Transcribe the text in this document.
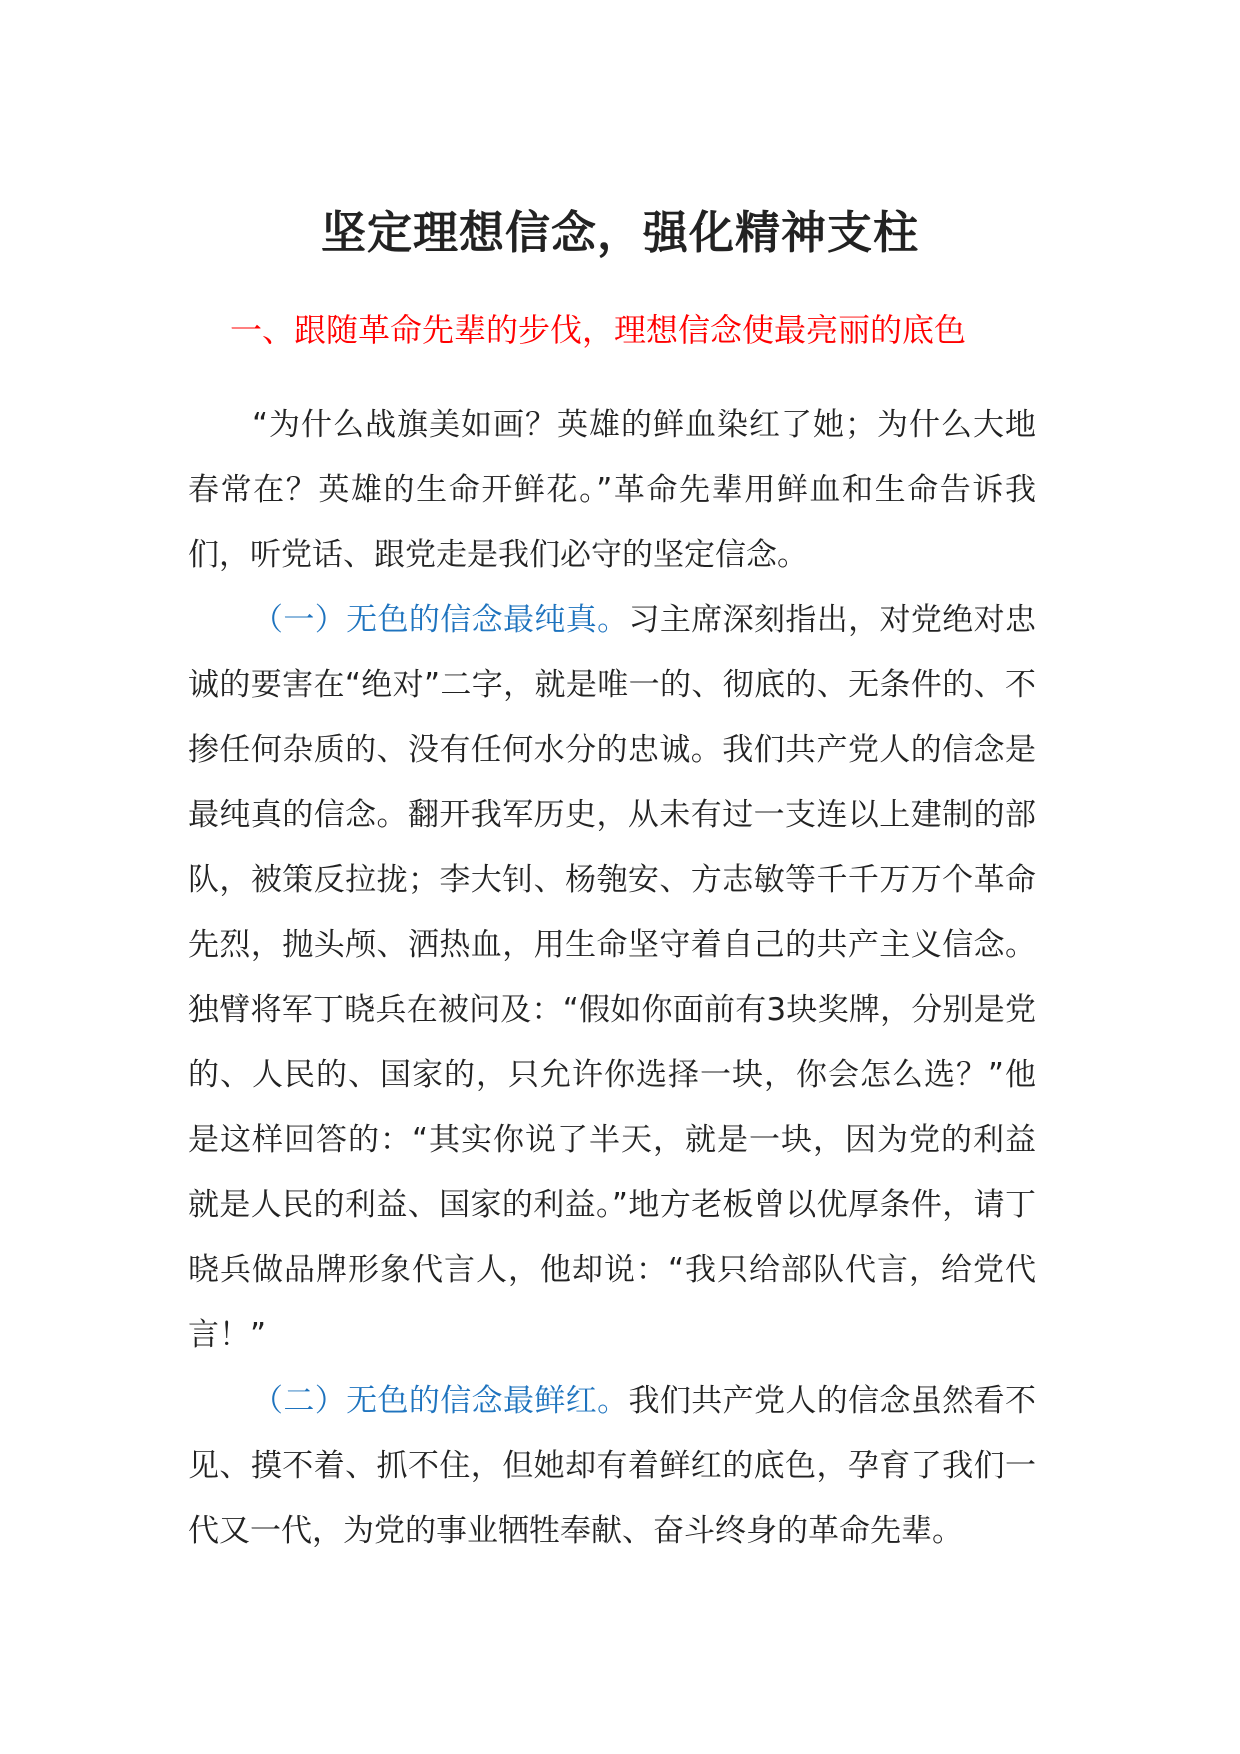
坚定理想信念，强化精神支柱
一、跟随革命先辈的步伐，理想信念使最亮丽的底色

“为什么战旗美如画？英雄的鲜血染红了她；为什么大地春常在？英雄的生命开鲜花。”革命先辈用鲜血和生命告诉我们，听党话、跟党走是我们必守的坚定信念。

（一）无色的信念最纯真。习主席深刻指出，对党绝对忠诚的要害在“绝对”二字，就是唯一的、彻底的、无条件的、不掺任何杂质的、没有任何水分的忠诚。我们共产党人的信念是最纯真的信念。翻开我军历史，从未有过一支连以上建制的部队，被策反拉拢；李大钊、杨匏安、方志敏等千千万万个革命先烈，抛头颅、洒热血，用生命坚守着自己的共产主义信念。独臂将军丁晓兵在被问及：“假如你面前有3块奖牌，分别是党的、人民的、国家的，只允许你选择一块，你会怎么选？”他是这样回答的：“其实你说了半天，就是一块，因为党的利益就是人民的利益、国家的利益。”地方老板曾以优厚条件，请丁晓兵做品牌形象代言人，他却说：“我只给部队代言，给党代言！”

（二）无色的信念最鲜红。我们共产党人的信念虽然看不见、摸不着、抓不住，但她却有着鲜红的底色，孕育了我们一代又一代，为党的事业牺牲奉献、奋斗终身的革命先辈。
